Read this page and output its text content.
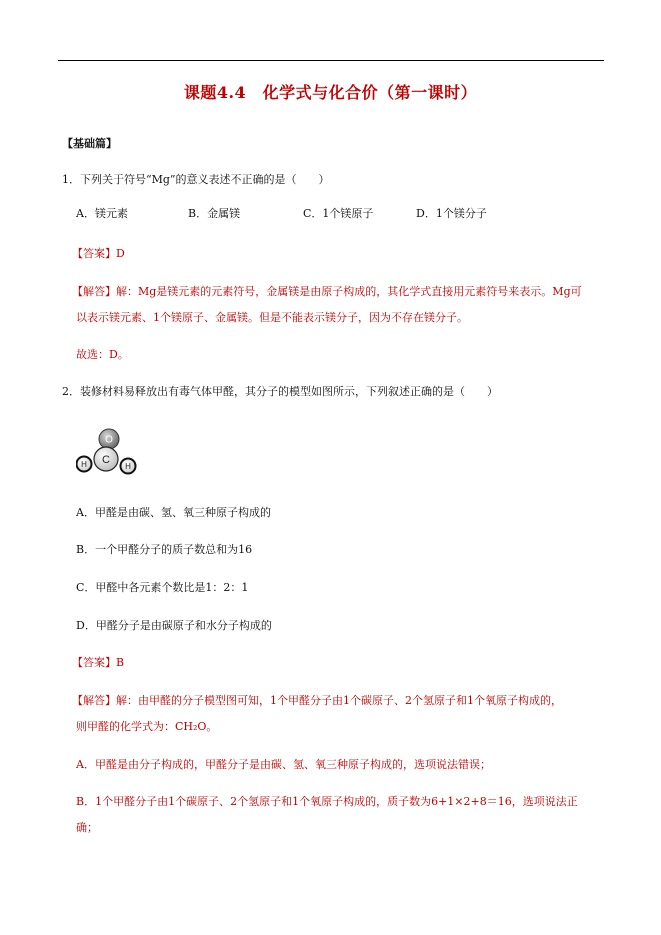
课题4.4　化学式与化合价（第一课时）
【基础篇】
1．下列关于符号“Mg”的意义表述不正确的是（　　）
A．镁元素	B．金属镁	C．1个镁原子	D．1个镁分子
【答案】D
【解答】解：Mg是镁元素的元素符号，金属镁是由原子构成的，其化学式直接用元素符号来表示。Mg可
以表示镁元素、1个镁原子、金属镁。但是不能表示镁分子，因为不存在镁分子。
故选：D。
2．装修材料易释放出有毒气体甲醛，其分子的模型如图所示，下列叙述正确的是（　　）
O
C
H	H
A．甲醛是由碳、氢、氧三种原子构成的
B．一个甲醛分子的质子数总和为16
C．甲醛中各元素个数比是1：2：1
D．甲醛分子是由碳原子和水分子构成的
【答案】B
【解答】解：由甲醛的分子模型图可知，1个甲醛分子由1个碳原子、2个氢原子和1个氧原子构成的，
则甲醛的化学式为：CH₂O。
A．甲醛是由分子构成的，甲醛分子是由碳、氢、氧三种原子构成的，选项说法错误；
B．1个甲醛分子由1个碳原子、2个氢原子和1个氧原子构成的，质子数为6+1×2+8＝16，选项说法正
确；
